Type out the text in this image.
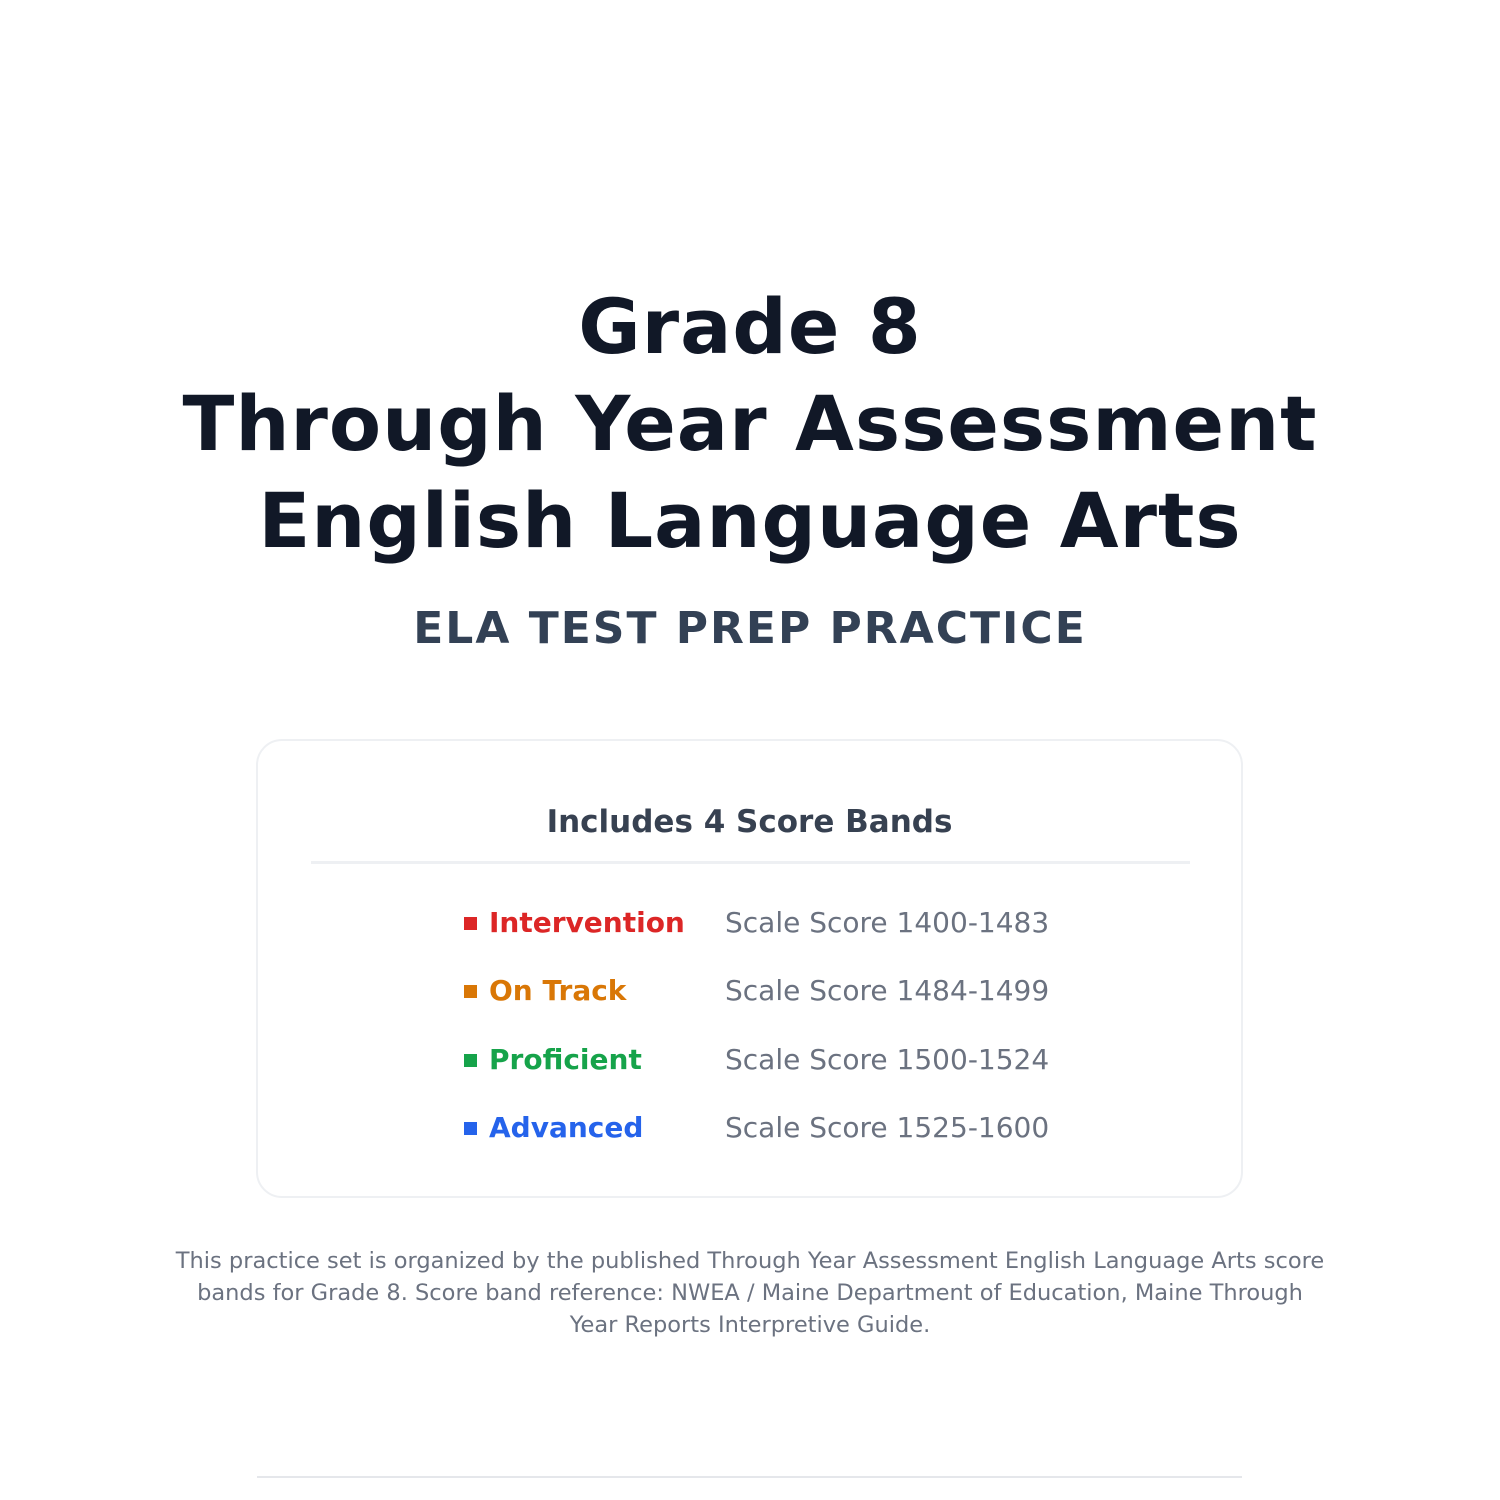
Grade 8
Through Year Assessment
English Language Arts
ELA TEST PREP PRACTICE
Includes 4 Score Bands
Intervention Scale Score 1400-1483
On Track	Scale Score 1484-1499
Proficient	Scale Score 1500-1524
Advanced	Scale Score 1525-1600

This practice set is organized by the published Through Year Assessment English Language Arts score bands for Grade 8. Score band reference: NWEA / Maine Department of Education, Maine Through Year Reports Interpretive Guide.
